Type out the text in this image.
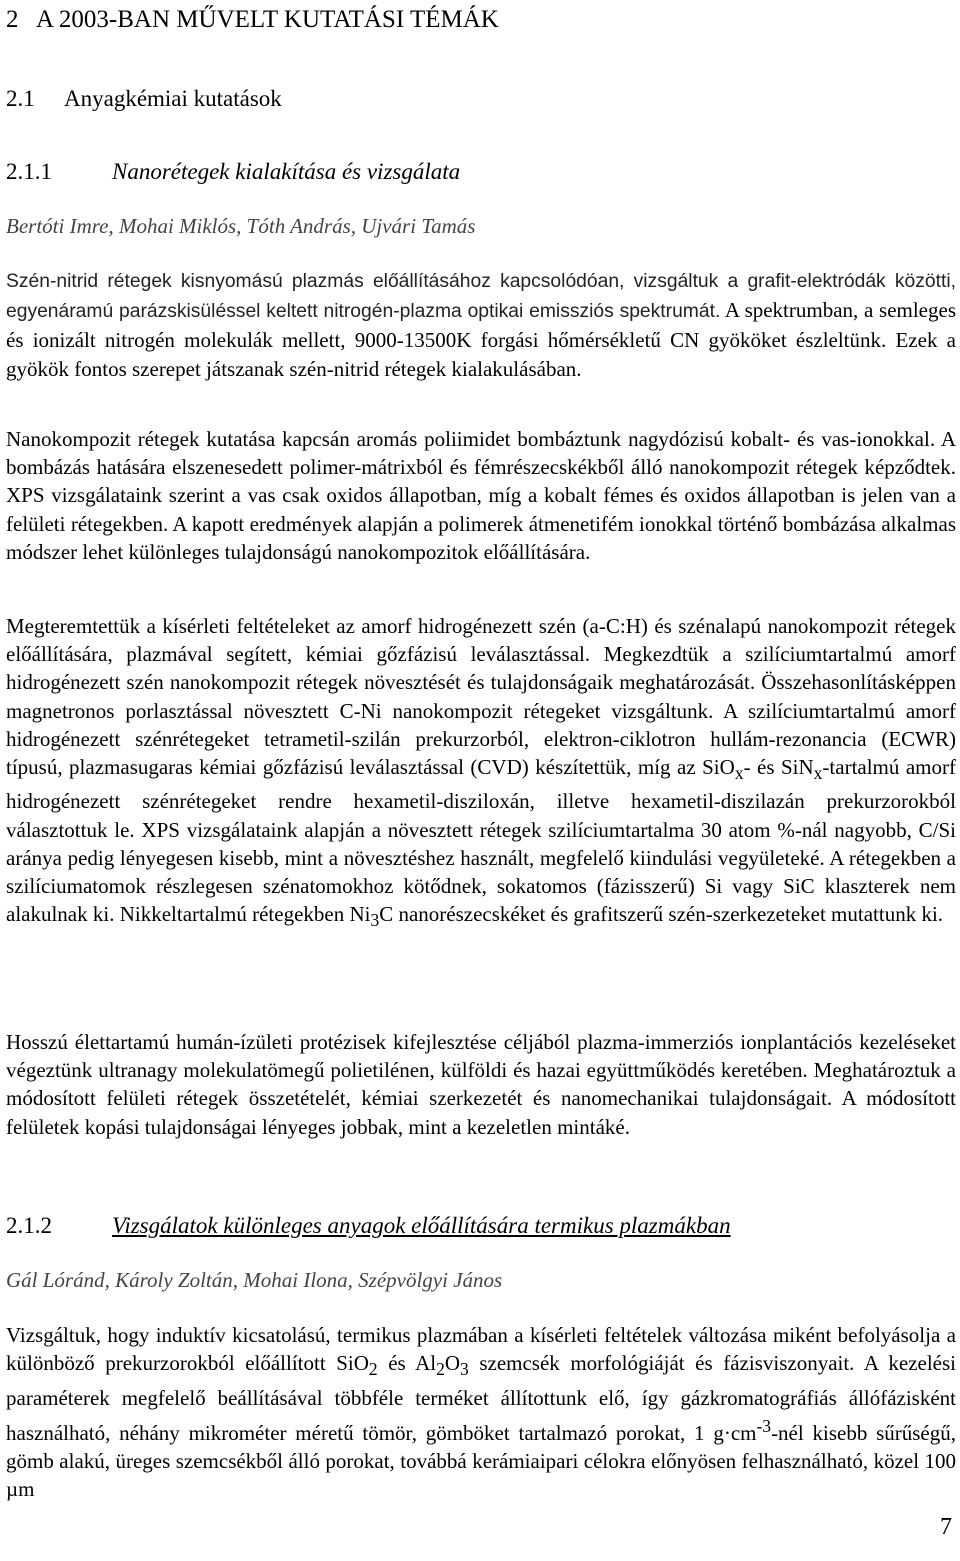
2 A 2003-BAN MŰVELT KUTATÁSI TÉMÁK
2.1 Anyagkémiai kutatások
2.1.1	Nanorétegek kialakítása és vizsgálata
Bertóti Imre, Mohai Miklós, Tóth András, Ujvári Tamás
Szén-nitrid rétegek kisnyomású plazmás előállításához kapcsolódóan, vizsgáltuk a grafit-elektródák közötti, egyenáramú parázskisüléssel keltett nitrogén-plazma optikai emissziós spektrumát. A spektrumban, a semleges és ionizált nitrogén molekulák mellett, 9000-13500K forgási hőmérsékletű CN gyököket észleltünk. Ezek a gyökök fontos szerepet játszanak szén-nitrid rétegek kialakulásában.
Nanokompozit rétegek kutatása kapcsán aromás poliimidet bombáztunk nagydózisú kobalt- és vas-ionokkal. A bombázás hatására elszenesedett polimer-mátrixból és fémrészecskékből álló nanokompozit rétegek képződtek. XPS vizsgálataink szerint a vas csak oxidos állapotban, míg a kobalt fémes és oxidos állapotban is jelen van a felületi rétegekben. A kapott eredmények alapján a polimerek átmenetifém ionokkal történő bombázása alkalmas módszer lehet különleges tulajdonságú nanokompozitok előállítására.
Megteremtettük a kísérleti feltételeket az amorf hidrogénezett szén (a-C:H) és szénalapú nanokompozit rétegek előállítására, plazmával segített, kémiai gőzfázisú leválasztással. Megkezdtük a szilíciumtartalmú amorf hidrogénezett szén nanokompozit rétegek növesztését és tulajdonságaik meghatározását. Összehasonlításképpen magnetronos porlasztással növesztett C-Ni nanokompozit rétegeket vizsgáltunk. A szilíciumtartalmú amorf hidrogénezett szénrétegeket tetrametil-szilán prekurzorból, elektron-ciklotron hullám-rezonancia (ECWR) típusú, plazmasugaras kémiai gőzfázisú leválasztással (CVD) készítettük, míg az SiO$_x$- és SiN$_x$-tartalmú amorf hidrogénezett szénrétegeket rendre hexametil-disziloxán, illetve hexametil-diszilazán prekurzorokból választottuk le. XPS vizsgálataink alapján a növesztett rétegek szilíciumtartalma 30 atom %-nál nagyobb, C/Si aránya pedig lényegesen kisebb, mint a növesztéshez használt, megfelelő kiindulási vegyületeké. A rétegekben a szilíciumatomok részlegesen szénatomokhoz kötődnek, sokatomos (fázisszerű) Si vagy SiC klaszterek nem alakulnak ki. Nikkeltartalmú rétegekben $Ni_3C$ nanorészecskéket és grafitszerű szén-szerkezeteket mutattunk ki.
Hosszú élettartamú humán-ízületi protézisek kifejlesztése céljából plazma-immerziós ionplantációs kezeléseket végeztünk ultranagy molekulatömegű polietilénen, külföldi és hazai együttműködés keretében. Meghatároztuk a módosított felületi rétegek összetételét, kémiai szerkezetét és nanomechanikai tulajdonságait. A módosított felületek kopási tulajdonságai lényeges jobbak, mint a kezeletlen mintáké.
2.1.2	Vizsgálatok különleges anyagok előállítására termikus plazmákban
Gál Lóránd, Károly Zoltán, Mohai Ilona, Szépvölgyi János
Vizsgáltuk, hogy induktív kicsatolású, termikus plazmában a kísérleti feltételek változása miként befolyásolja a különböző prekurzorokból előállított SiO$_2$ és $Al_2O_3$ szemcsék morfológiáját és fázisviszonyait. A kezelési paraméterek megfelelő beállításával többféle terméket állítottunk elő, így gázkromatográfiás állófázisként használható, néhány mikrométer méretű tömör, gömböket tartalmazó porokat, 1 $g\cdot cm^{-3}$-nél kisebb sűrűségű, gömb alakú, üreges szemcsékből álló porokat, továbbá kerámiaipari célokra előnyösen felhasználható, közel 100 µm
7
